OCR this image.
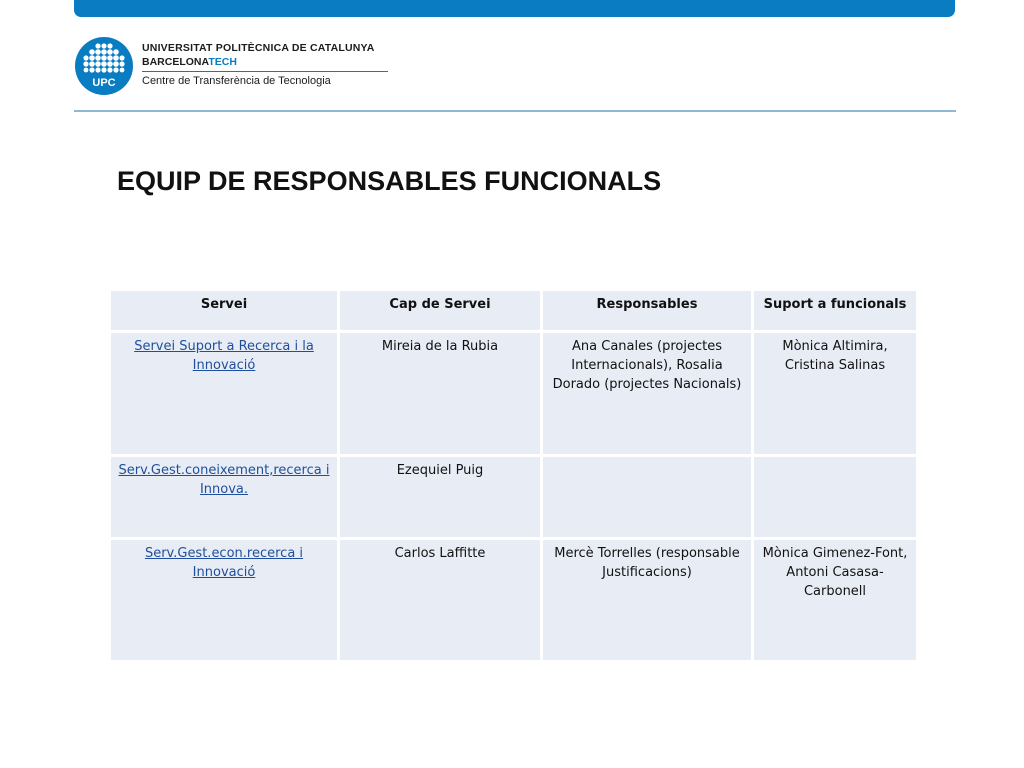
UPC
UNIVERSITAT POLITÈCNICA DE CATALUNYA
BARCELONATECH
Centre de Transferència de Tecnologia
EQUIP DE RESPONSABLES FUNCIONALS
Servei	Cap de Servei	Responsables	Suport a funcionals
Servei Suport a Recerca i la Innovació	Mireia de la Rubia	Ana Canales (projectes Internacionals), Rosalia Dorado (projectes Nacionals)	Mònica Altimira, Cristina Salinas
Serv.Gest.coneixement,recerca i Innova.	Ezequiel Puig		
Serv.Gest.econ.recerca i Innovació	Carlos Laffitte	Mercè Torrelles (responsable Justificacions)	Mònica Gimenez-Font, Antoni Casasa-Carbonell
